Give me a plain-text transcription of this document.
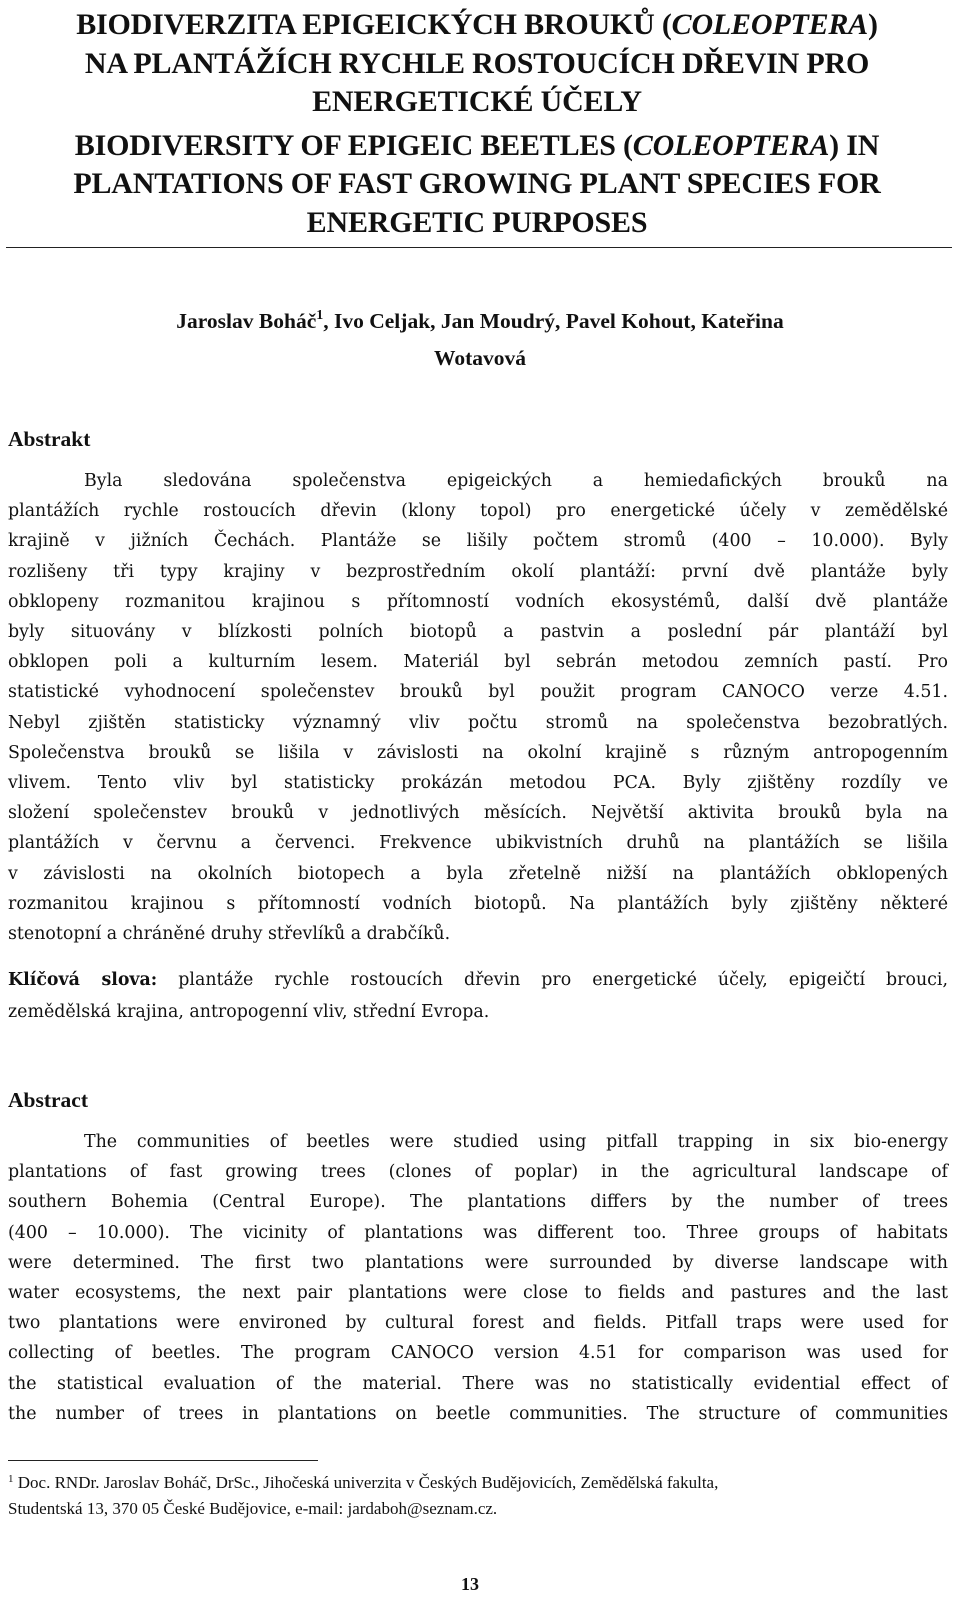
BIODIVERZITA EPIGEICKÝCH BROUKŮ (COLEOPTERA)
NA PLANTÁŽÍCH RYCHLE ROSTOUCÍCH DŘEVIN PRO
ENERGETICKÉ ÚČELY
BIODIVERSITY OF EPIGEIC BEETLES (COLEOPTERA) IN
PLANTATIONS OF FAST GROWING PLANT SPECIES FOR
ENERGETIC PURPOSES
Jaroslav Boháč$^1$, Ivo Celjak, Jan Moudrý, Pavel Kohout, Kateřina
Wotavová
Abstrakt
Byla sledována společenstva epigeických a hemiedafických brouků na
plantážích rychle rostoucích dřevin (klony topol) pro energetické účely v zemědělské
krajině v jižních Čechách. Plantáže se lišily počtem stromů (400 – 10.000). Byly
rozlišeny tři typy krajiny v bezprostředním okolí plantáží: první dvě plantáže byly
obklopeny rozmanitou krajinou s přítomností vodních ekosystémů, další dvě plantáže
byly situovány v blízkosti polních biotopů a pastvin a poslední pár plantáží byl
obklopen poli a kulturním lesem. Materiál byl sebrán metodou zemních pastí. Pro
statistické vyhodnocení společenstev brouků byl použit program CANOCO verze 4.51.
Nebyl zjištěn statisticky významný vliv počtu stromů na společenstva bezobratlých.
Společenstva brouků se lišila v závislosti na okolní krajině s různým antropogenním
vlivem. Tento vliv byl statisticky prokázán metodou PCA. Byly zjištěny rozdíly ve
složení společenstev brouků v jednotlivých měsících. Největší aktivita brouků byla na
plantážích v červnu a červenci. Frekvence ubikvistních druhů na plantážích se lišila
v závislosti na okolních biotopech a byla zřetelně nižší na plantážích obklopených
rozmanitou krajinou s přítomností vodních biotopů. Na plantážích byly zjištěny některé
stenotopní a chráněné druhy střevlíků a drabčíků.
Klíčová slova: plantáže rychle rostoucích dřevin pro energetické účely, epigeičtí brouci,
zemědělská krajina, antropogenní vliv, střední Evropa.
Abstract
The communities of beetles were studied using pitfall trapping in six bio-energy
plantations of fast growing trees (clones of poplar) in the agricultural landscape of
southern Bohemia (Central Europe). The plantations differs by the number of trees
(400 – 10.000). The vicinity of plantations was different too. Three groups of habitats
were determined. The first two plantations were surrounded by diverse landscape with
water ecosystems, the next pair plantations were close to fields and pastures and the last
two plantations were environed by cultural forest and fields. Pitfall traps were used for
collecting of beetles. The program CANOCO version 4.51 for comparison was used for
the statistical evaluation of the material. There was no statistically evidential effect of
the number of trees in plantations on beetle communities. The structure of communities
$^1$ Doc. RNDr. Jaroslav Boháč, DrSc., Jihočeská univerzita v Českých Budějovicích, Zemědělská fakulta,
Studentská 13, 370 05 České Budějovice, e-mail: jardaboh@seznam.cz.
13
